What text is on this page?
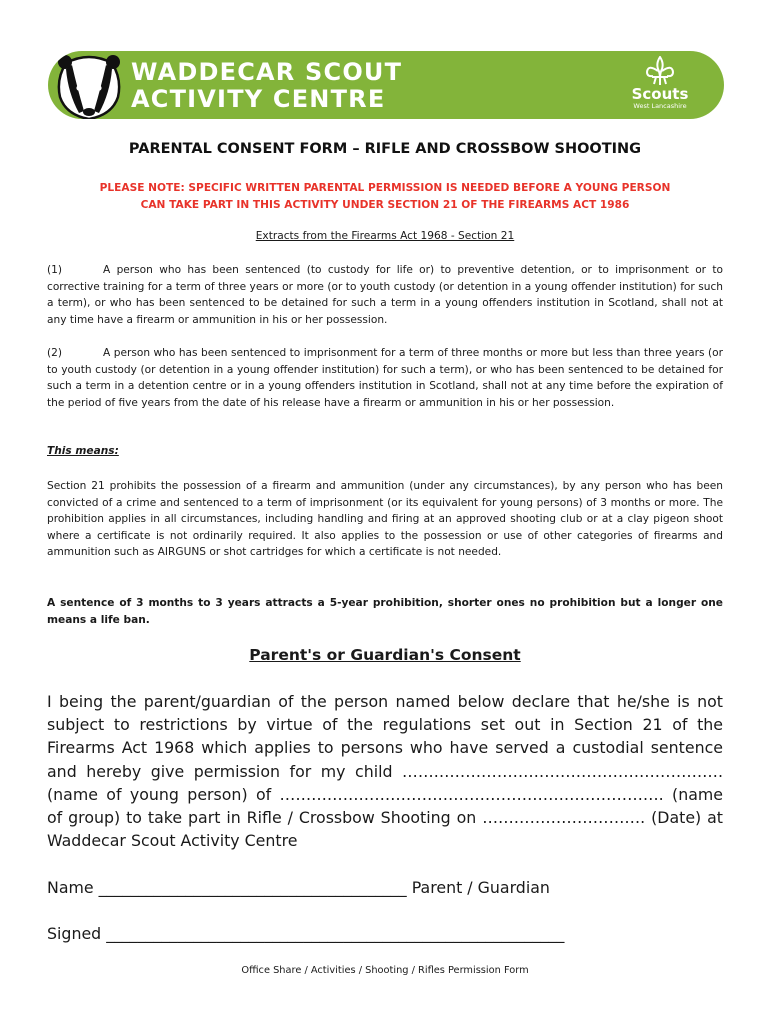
WADDECAR SCOUT
ACTIVITY CENTRE	Scouts
West Lancashire
PARENTAL CONSENT FORM – RIFLE AND CROSSBOW SHOOTING
PLEASE NOTE: SPECIFIC WRITTEN PARENTAL PERMISSION IS NEEDED BEFORE A YOUNG PERSON
CAN TAKE PART IN THIS ACTIVITY UNDER SECTION 21 OF THE FIREARMS ACT 1986
Extracts from the Firearms Act 1968 - Section 21

(1)	A person who has been sentenced (to custody for life or) to preventive detention, or to imprisonment or to corrective training for a term of three years or more (or to youth custody (or detention in a young offender institution) for such a term), or who has been sentenced to be detained for such a term in a young offenders institution in Scotland, shall not at any time have a firearm or ammunition in his or her possession.

(2)	A person who has been sentenced to imprisonment for a term of three months or more but less than three years (or to youth custody (or detention in a young offender institution) for such a term), or who has been sentenced to be detained for such a term in a detention centre or in a young offenders institution in Scotland, shall not at any time before the expiration of the period of five years from the date of his release have a firearm or ammunition in his or her possession.

This means:

Section 21 prohibits the possession of a firearm and ammunition (under any circumstances), by any person who has been convicted of a crime and sentenced to a term of imprisonment (or its equivalent for young persons) of 3 months or more. The prohibition applies in all circumstances, including handling and firing at an approved shooting club or at a clay pigeon shoot where a certificate is not ordinarily required. It also applies to the possession or use of other categories of firearms and ammunition such as AIRGUNS or shot cartridges for which a certificate is not needed.

A sentence of 3 months to 3 years attracts a 5-year prohibition, shorter ones no prohibition but a longer one means a life ban.

Parent's or Guardian's Consent

I being the parent/guardian of the person named below declare that he/she is not subject to restrictions by virtue of the regulations set out in Section 21 of the Firearms Act 1968 which applies to persons who have served a custodial sentence and hereby give permission for my child ……………………………………………………. (name of young person) of ………………………………………………………………. (name of group) to take part in Rifle / Crossbow Shooting on …………………………. (Date) at Waddecar Scout Activity Centre

Name _______________________________________ Parent / Guardian
Signed __________________________________________________________
Office Share / Activities / Shooting / Rifles Permission Form
